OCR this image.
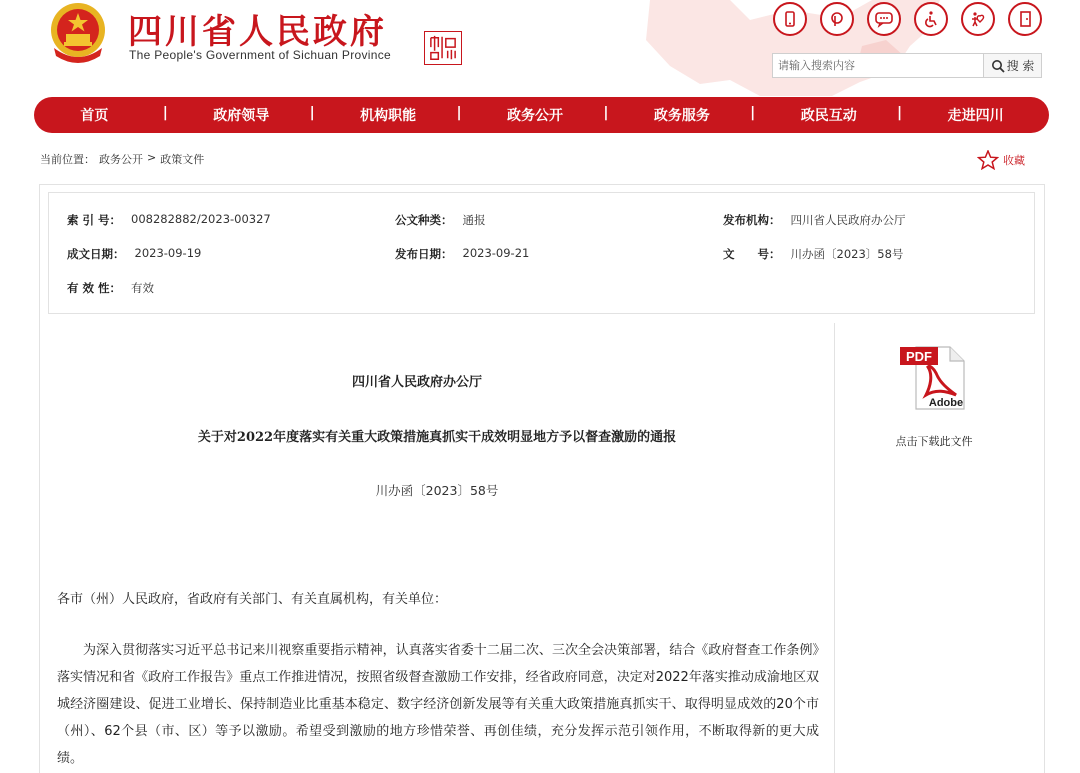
四川省人民政府
The People's Government of Sichuan Province
请输入搜索内容
搜 索
首页	|	政府领导	|	机构职能	|	政务公开	|	政务服务	|	政民互动	|	走进四川
当前位置： 政务公开 > 政策文件	收藏
索 引 号： 008282882/2023-00327	公文种类： 通报	发布机构： 四川省人民政府办公厅
成文日期： 2023-09-19	发布日期： 2023-09-21	文　　号： 川办函〔2023〕58号
有 效 性： 有效
四川省人民政府办公厅
关于对2022年度落实有关重大政策措施真抓实干成效明显地方予以督查激励的通报
川办函〔2023〕58号
各市（州）人民政府，省政府有关部门、有关直属机构，有关单位：
为深入贯彻落实习近平总书记来川视察重要指示精神，认真落实省委十二届二次、三次全会决策部署，结合《政府督查工作条例》落实情况和省《政府工作报告》重点工作推进情况，按照省级督查激励工作安排，经省政府同意，决定对2022年落实推动成渝地区双城经济圈建设、促进工业增长、保持制造业比重基本稳定、数字经济创新发展等有关重大政策措施真抓实干、取得明显成效的20个市（州）、62个县（市、区）等予以激励。希望受到激励的地方珍惜荣誉、再创佳绩，充分发挥示范引领作用，不断取得新的更大成绩。
PDF
Adobe
点击下载此文件
